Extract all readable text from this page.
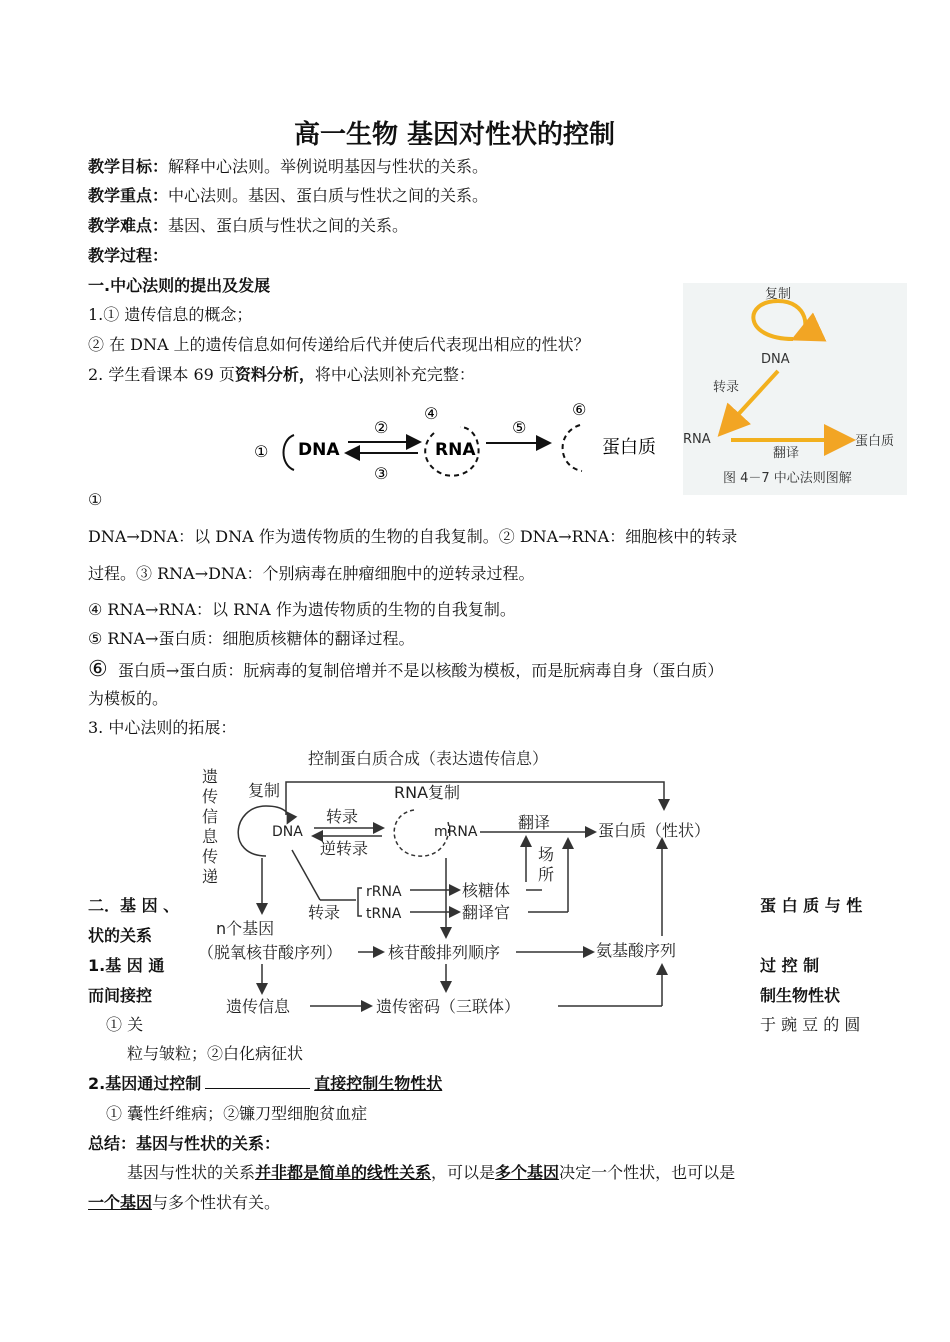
高一生物 基因对性状的控制
教学目标：解释中心法则。举例说明基因与性状的关系。
教学重点：中心法则。基因、蛋白质与性状之间的关系。
教学难点：基因、蛋白质与性状之间的关系。
教学过程：
一.中心法则的提出及发展
1.① 遗传信息的概念；
② 在 DNA 上的遗传信息如何传递给后代并使后代表现出相应的性状？
2. 学生看课本 69 页资料分析，将中心法则补充完整：
复制
DNA
转录
RNA
翻译
蛋白质
图 4－7 中心法则图解
① DNA
②
③
④
RNA
⑤
⑥
蛋白质
①
DNA→DNA：以 DNA 作为遗传物质的生物的自我复制。② DNA→RNA：细胞核中的转录
过程。③ RNA→DNA：个别病毒在肿瘤细胞中的逆转录过程。
④ RNA→RNA：以 RNA 作为遗传物质的生物的自我复制。
⑤ RNA→蛋白质：细胞质核糖体的翻译过程。
⑥ 蛋白质→蛋白质：朊病毒的复制倍增并不是以核酸为模板，而是朊病毒自身（蛋白质）
为模板的。
3. 中心法则的拓展：
二．基 因 、	蛋 白 质 与 性
状的关系
1.基 因 通	过 控 制
而间接控	制生物性状
① 关	于 豌 豆 的 圆
控制蛋白质合成（表达遗传信息）
遗
传
信
息
传
递
复制
DNA
转录
逆转录
RNA复制
mRNA	翻译	蛋白质（性状）
场
所
转录
rRNA
tRNA
核糖体
翻译官
n个基因
（脱氧核苷酸序列）	核苷酸排列顺序	氨基酸序列
遗传信息	遗传密码（三联体）
粒与皱粒；②白化病征状
2.基因通过控制	直接控制生物性状
① 囊性纤维病；②镰刀型细胞贫血症
总结：基因与性状的关系：
基因与性状的关系并非都是简单的线性关系，可以是多个基因决定一个性状，也可以是
一个基因与多个性状有关。
